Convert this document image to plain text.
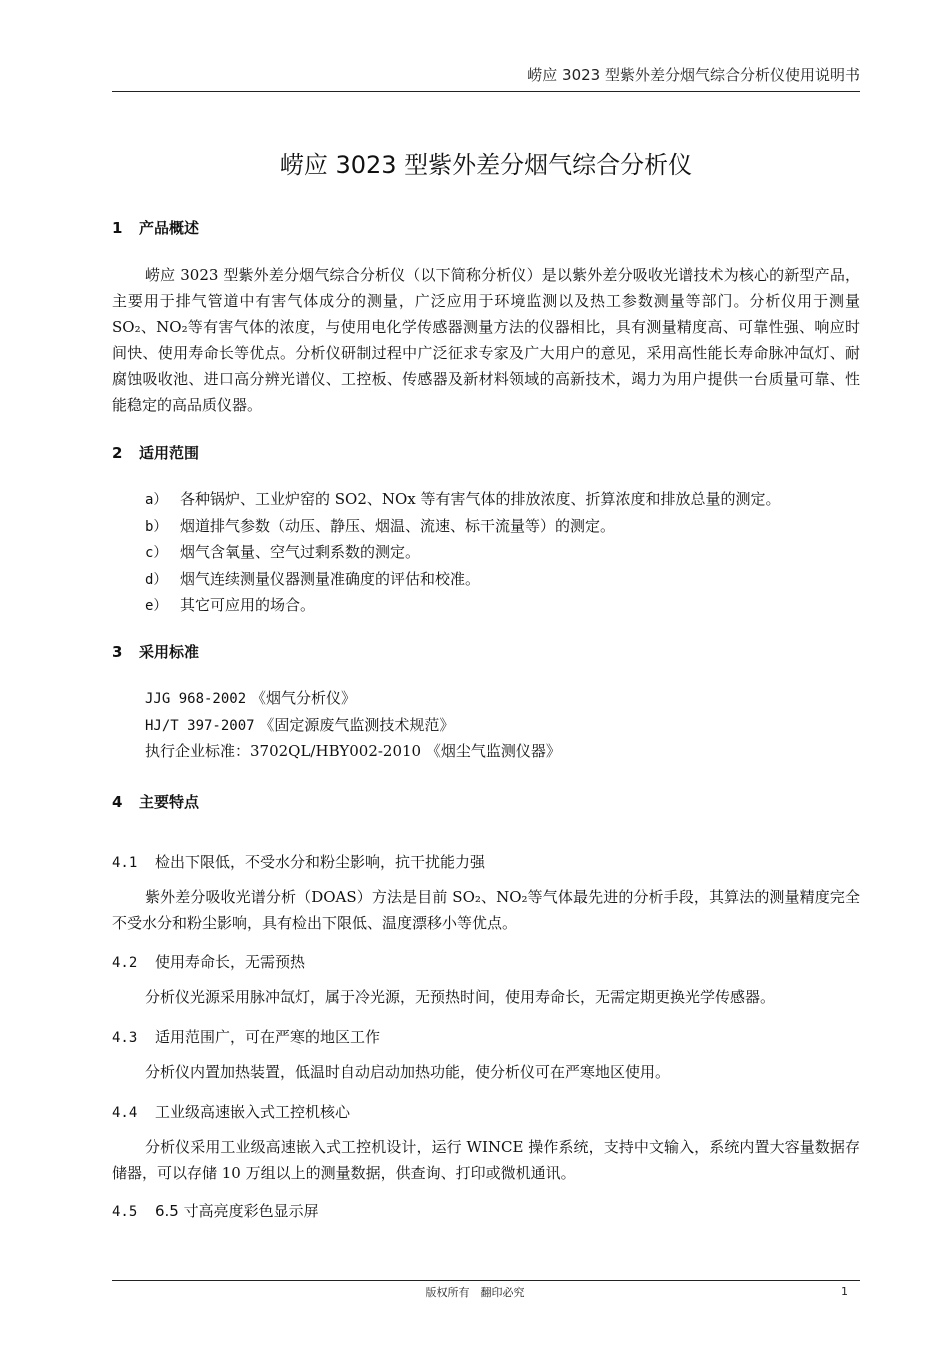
崂应 3023 型紫外差分烟气综合分析仪使用说明书
崂应 3023 型紫外差分烟气综合分析仪
1 产品概述

崂应 3023 型紫外差分烟气综合分析仪（以下简称分析仪）是以紫外差分吸收光谱技术为核心的新型产品，主要用于排气管道中有害气体成分的测量，广泛应用于环境监测以及热工参数测量等部门。分析仪用于测量 SO₂、NO₂等有害气体的浓度，与使用电化学传感器测量方法的仪器相比，具有测量精度高、可靠性强、响应时间快、使用寿命长等优点。分析仪研制过程中广泛征求专家及广大用户的意见，采用高性能长寿命脉冲氙灯、耐腐蚀吸收池、进口高分辨光谱仪、工控板、传感器及新材料领域的高新技术，竭力为用户提供一台质量可靠、性能稳定的高品质仪器。

2 适用范围
a） 各种锅炉、工业炉窑的 SO2、NOx 等有害气体的排放浓度、折算浓度和排放总量的测定。
b） 烟道排气参数（动压、静压、烟温、流速、标干流量等）的测定。
c） 烟气含氧量、空气过剩系数的测定。
d） 烟气连续测量仪器测量准确度的评估和校准。
e） 其它可应用的场合。
3 采用标准
JJG 968-2002 《烟气分析仪》
HJ/T 397-2007 《固定源废气监测技术规范》
执行企业标准：3702QL/HBY002-2010 《烟尘气监测仪器》
4 主要特点
4.1 检出下限低，不受水分和粉尘影响，抗干扰能力强

紫外差分吸收光谱分析（DOAS）方法是目前 SO₂、NO₂等气体最先进的分析手段，其算法的测量精度完全不受水分和粉尘影响，具有检出下限低、温度漂移小等优点。

4.2 使用寿命长，无需预热

分析仪光源采用脉冲氙灯，属于冷光源，无预热时间，使用寿命长，无需定期更换光学传感器。

4.3 适用范围广，可在严寒的地区工作

分析仪内置加热装置，低温时自动启动加热功能，使分析仪可在严寒地区使用。

4.4 工业级高速嵌入式工控机核心

分析仪采用工业级高速嵌入式工控机设计，运行 WINCE 操作系统，支持中文输入，系统内置大容量数据存储器，可以存储 10 万组以上的测量数据，供查询、打印或微机通讯。

4.5 6.5 寸高亮度彩色显示屏
版权所有　翻印必究	1
